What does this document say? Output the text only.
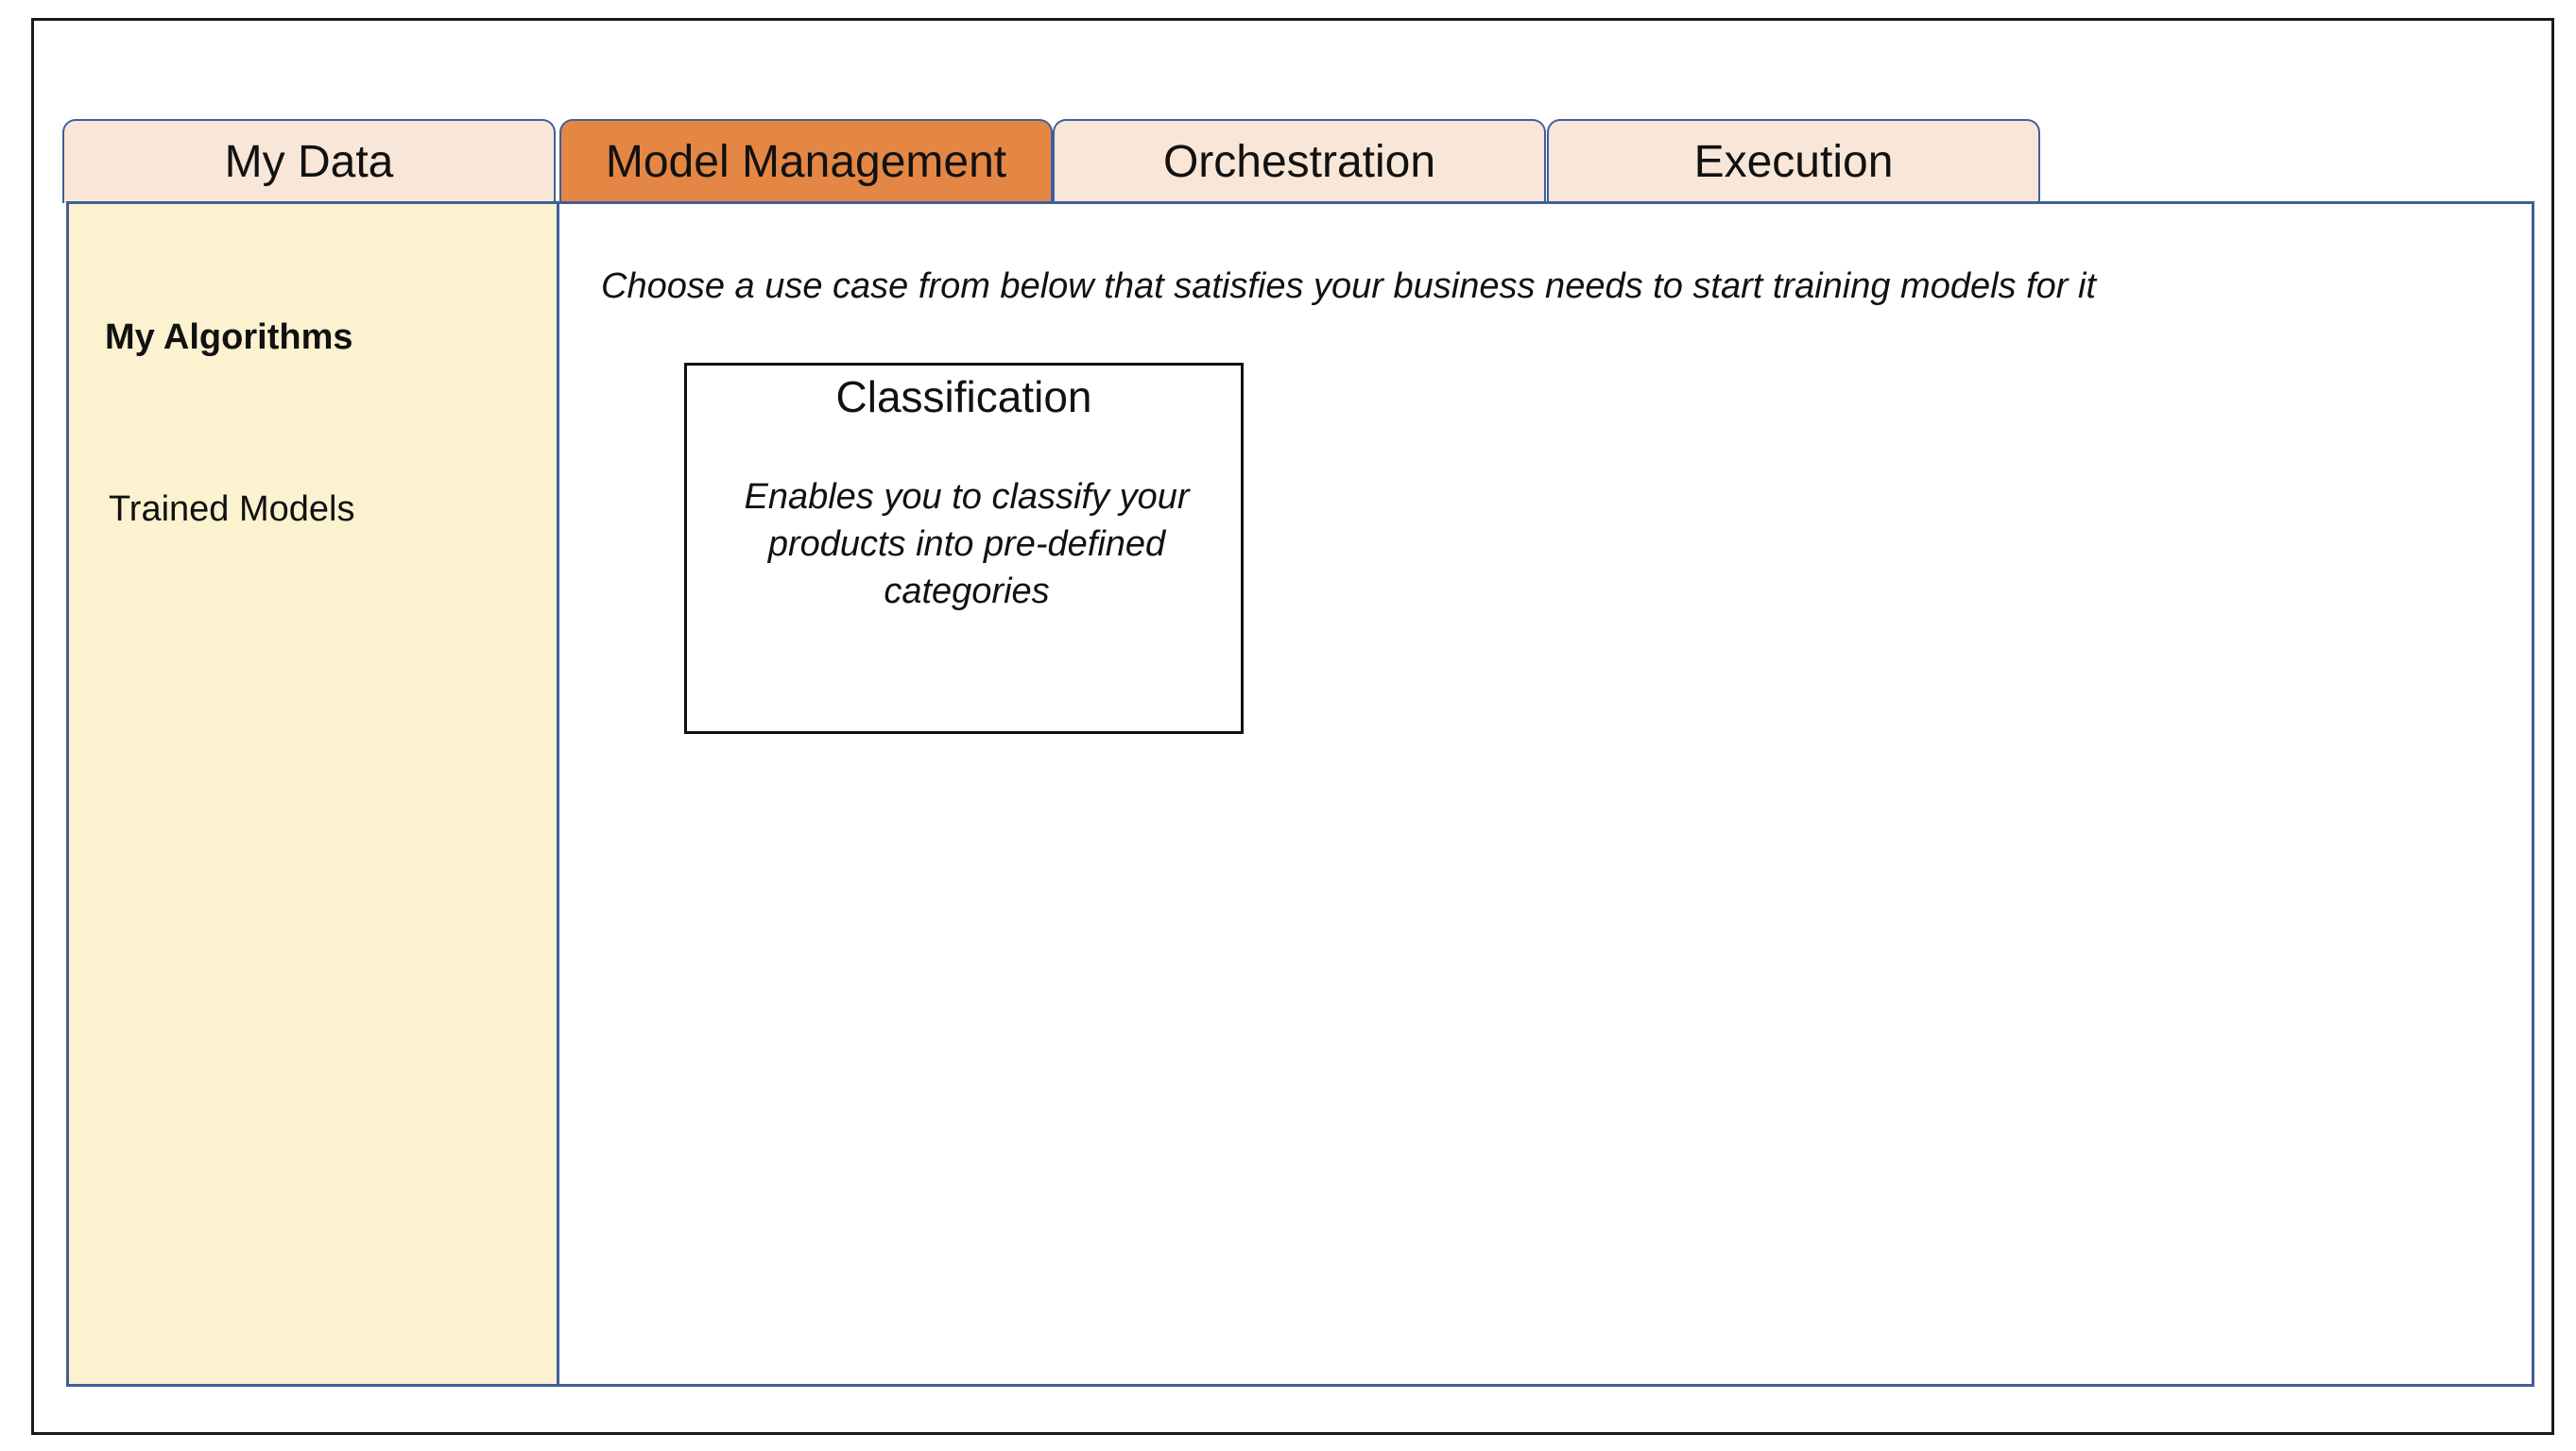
My Data	Model Management	Orchestration	Execution
My Algorithms
Trained Models
Choose a use case from below that satisfies your business needs to start training models for it
Classification
Enables you to classify your products into pre-defined categories
